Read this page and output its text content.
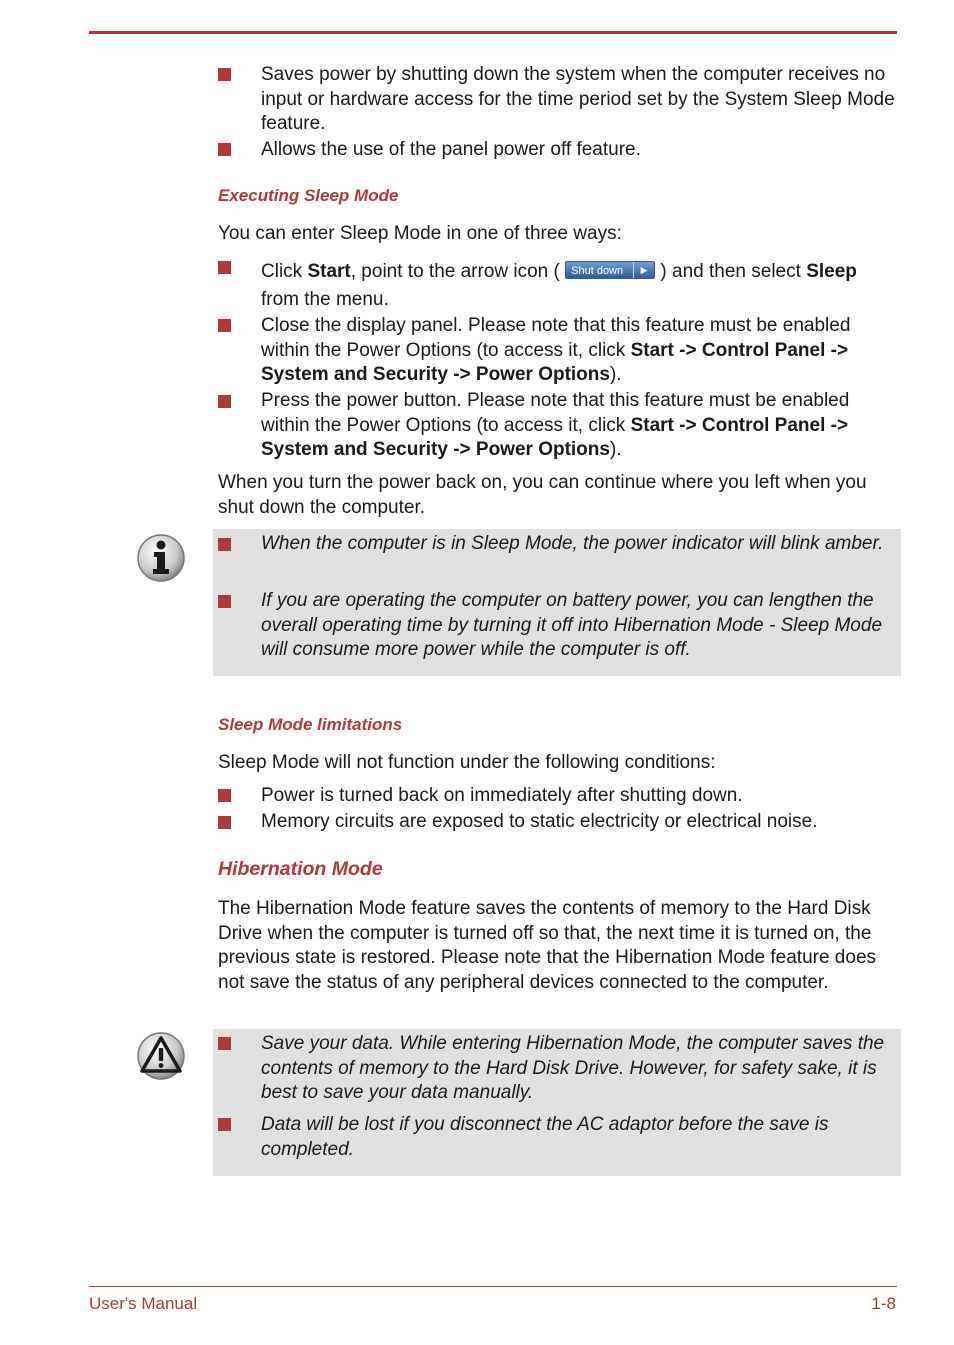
Saves power by shutting down the system when the computer receives no input or hardware access for the time period set by the System Sleep Mode feature.
Allows the use of the panel power off feature.
Executing Sleep Mode
You can enter Sleep Mode in one of three ways:
Click Start, point to the arrow icon ( Shut down	▶ ) and then select Sleep
from the menu.
Close the display panel. Please note that this feature must be enabled within the Power Options (to access it, click Start -> Control Panel -> System and Security -> Power Options).
Press the power button. Please note that this feature must be enabled within the Power Options (to access it, click Start -> Control Panel -> System and Security -> Power Options).
When you turn the power back on, you can continue where you left when you shut down the computer.
When the computer is in Sleep Mode, the power indicator will blink amber.
If you are operating the computer on battery power, you can lengthen the overall operating time by turning it off into Hibernation Mode - Sleep Mode will consume more power while the computer is off.
Sleep Mode limitations
Sleep Mode will not function under the following conditions:
Power is turned back on immediately after shutting down.
Memory circuits are exposed to static electricity or electrical noise.
Hibernation Mode
The Hibernation Mode feature saves the contents of memory to the Hard Disk Drive when the computer is turned off so that, the next time it is turned on, the previous state is restored. Please note that the Hibernation Mode feature does not save the status of any peripheral devices connected to the computer.
Save your data. While entering Hibernation Mode, the computer saves the contents of memory to the Hard Disk Drive. However, for safety sake, it is best to save your data manually.
Data will be lost if you disconnect the AC adaptor before the save is completed.
User's Manual	1-8
